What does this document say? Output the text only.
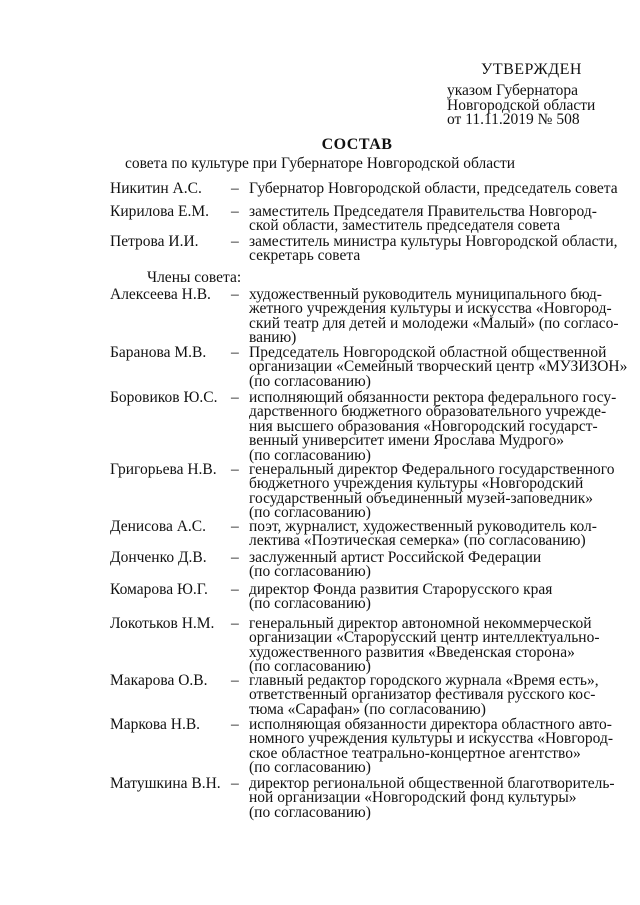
УТВЕРЖДЕН
указом Губернатора
Новгородской области
от 11.11.2019 № 508
СОСТАВ
совета по культуре при Губернаторе Новгородской области
Члены совета:
Никитин А.С. – Губернатор Новгородской области, председатель совета
Кирилова Е.М. – заместитель Председателя Правительства Новгород-
ской области, заместитель председателя совета
Петрова И.И. – заместитель министра культуры Новгородской области,
секретарь совета
Алексеева Н.В. – художественный руководитель муниципального бюд-
жетного учреждения культуры и искусства «Новгород-
ский театр для детей и молодежи «Малый» (по согласо-
ванию)
Баранова М.В. – Председатель Новгородской областной общественной
организации «Семейный творческий центр «МУЗИЗОН»
(по согласованию)
Боровиков Ю.С. – исполняющий обязанности ректора федерального госу-
дарственного бюджетного образовательного учрежде-
ния высшего образования «Новгородский государст-
венный университет имени Ярослава Мудрого»
(по согласованию)
Григорьева Н.В. – генеральный директор Федерального государственного
бюджетного учреждения культуры «Новгородский
государственный объединенный музей-заповедник»
(по согласованию)
Денисова А.С. – поэт, журналист, художественный руководитель кол-
лектива «Поэтическая семерка» (по согласованию)
Донченко Д.В. – заслуженный артист Российской Федерации
(по согласованию)
Комарова Ю.Г. – директор Фонда развития Старорусского края
(по согласованию)
Локотьков Н.М. – генеральный директор автономной некоммерческой
организации «Старорусский центр интеллектуально-
художественного развития «Введенская сторона»
(по согласованию)
Макарова О.В. – главный редактор городского журнала «Время есть»,
ответственный организатор фестиваля русского кос-
тюма «Сарафан» (по согласованию)
Маркова Н.В. – исполняющая обязанности директора областного авто-
номного учреждения культуры и искусства «Новгород-
ское областное театрально-концертное агентство»
(по согласованию)
Матушкина В.Н. – директор региональной общественной благотворитель-
ной организации «Новгородский фонд культуры»
(по согласованию)
